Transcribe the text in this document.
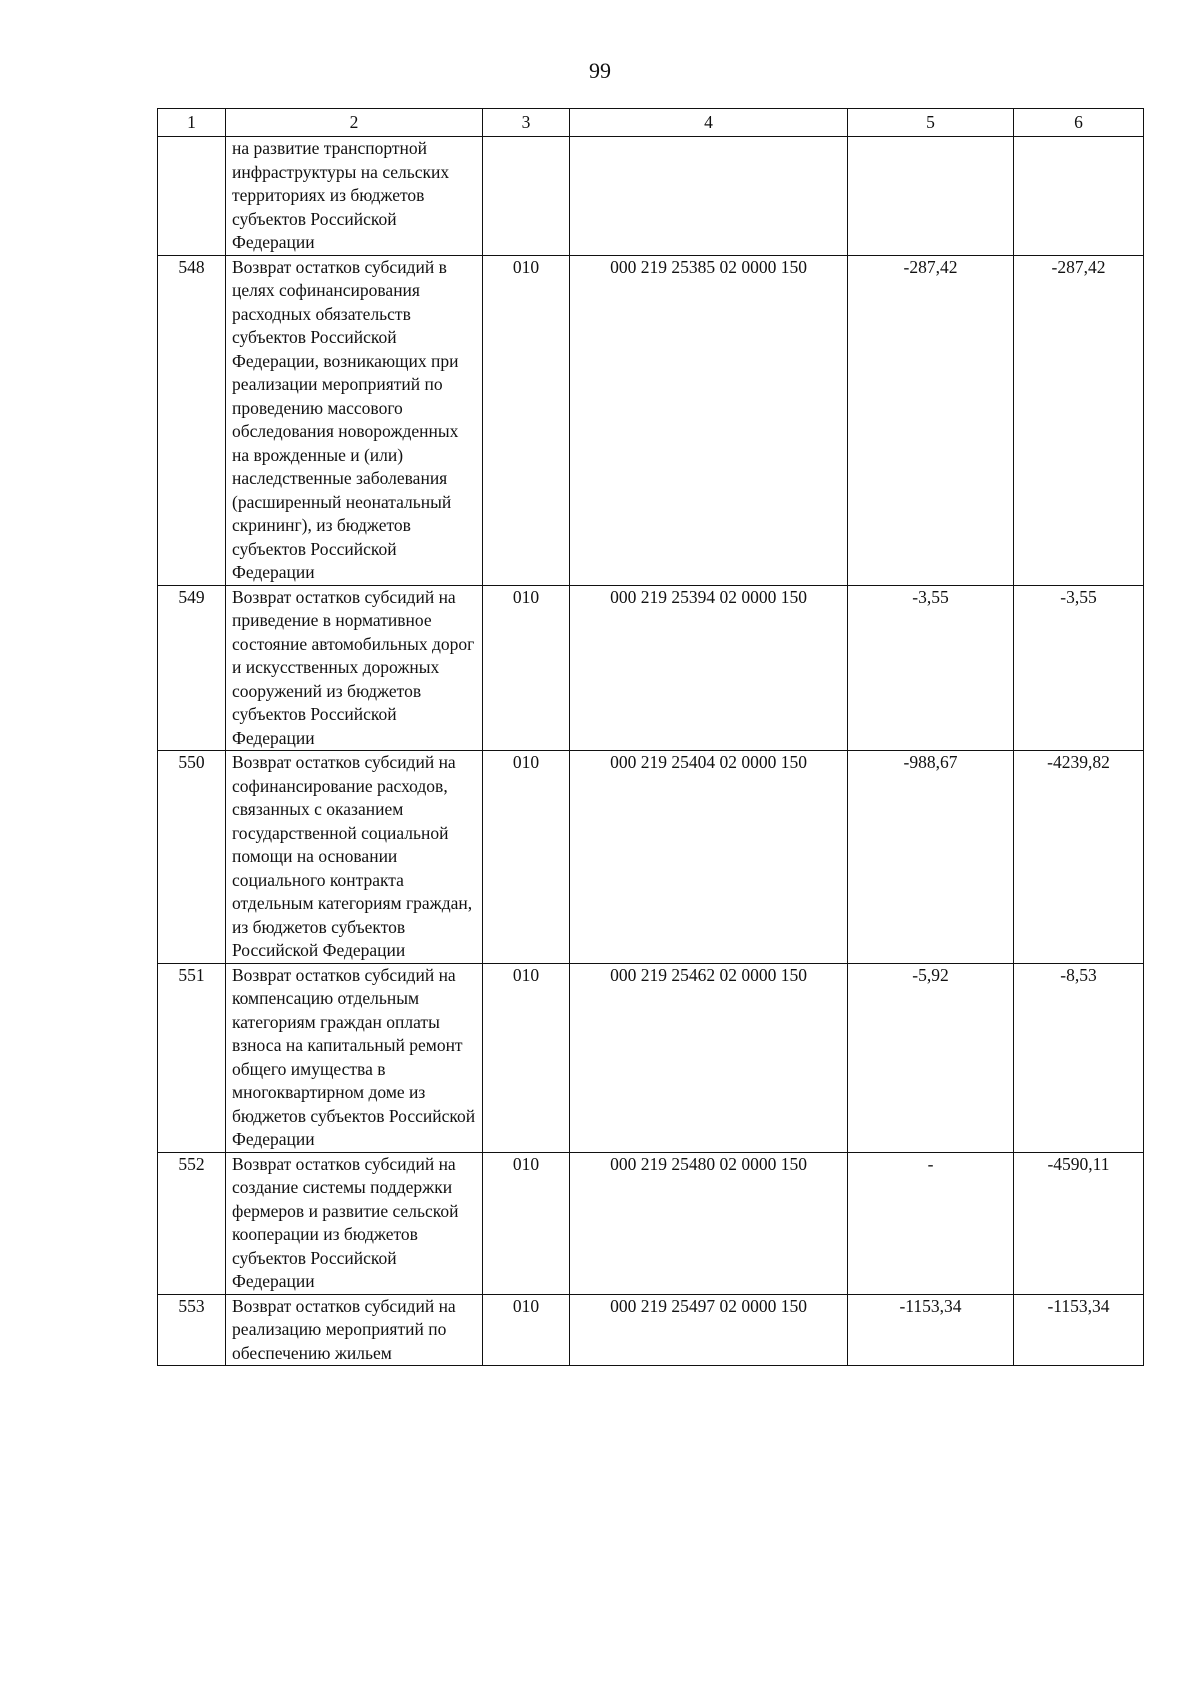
99
1	2	3	4	5	6
	на развитие транспортной инфраструктуры на сельских территориях из бюджетов субъектов Российской Федерации				
548	Возврат остатков субсидий в целях софинансирования расходных обязательств субъектов Российской Федерации, возникающих при реализации мероприятий по проведению массового обследования новорожденных на врожденные и (или) наследственные заболевания (расширенный неонатальный скрининг), из бюджетов субъектов Российской Федерации	010	000 219 25385 02 0000 150	-287,42	-287,42
549	Возврат остатков субсидий на приведение в нормативное состояние автомобильных дорог и искусственных дорожных сооружений из бюджетов субъектов Российской Федерации	010	000 219 25394 02 0000 150	-3,55	-3,55
550	Возврат остатков субсидий на софинансирование расходов, связанных с оказанием государственной социальной помощи на основании социального контракта отдельным категориям граждан, из бюджетов субъектов Российской Федерации	010	000 219 25404 02 0000 150	-988,67	-4239,82
551	Возврат остатков субсидий на компенсацию отдельным категориям граждан оплаты взноса на капитальный ремонт общего имущества в многоквартирном доме из бюджетов субъектов Российской Федерации	010	000 219 25462 02 0000 150	-5,92	-8,53
552	Возврат остатков субсидий на создание системы поддержки фермеров и развитие сельской кооперации из бюджетов субъектов Российской Федерации	010	000 219 25480 02 0000 150	-	-4590,11
553	Возврат остатков субсидий на реализацию мероприятий по обеспечению жильем	010	000 219 25497 02 0000 150	-1153,34	-1153,34
